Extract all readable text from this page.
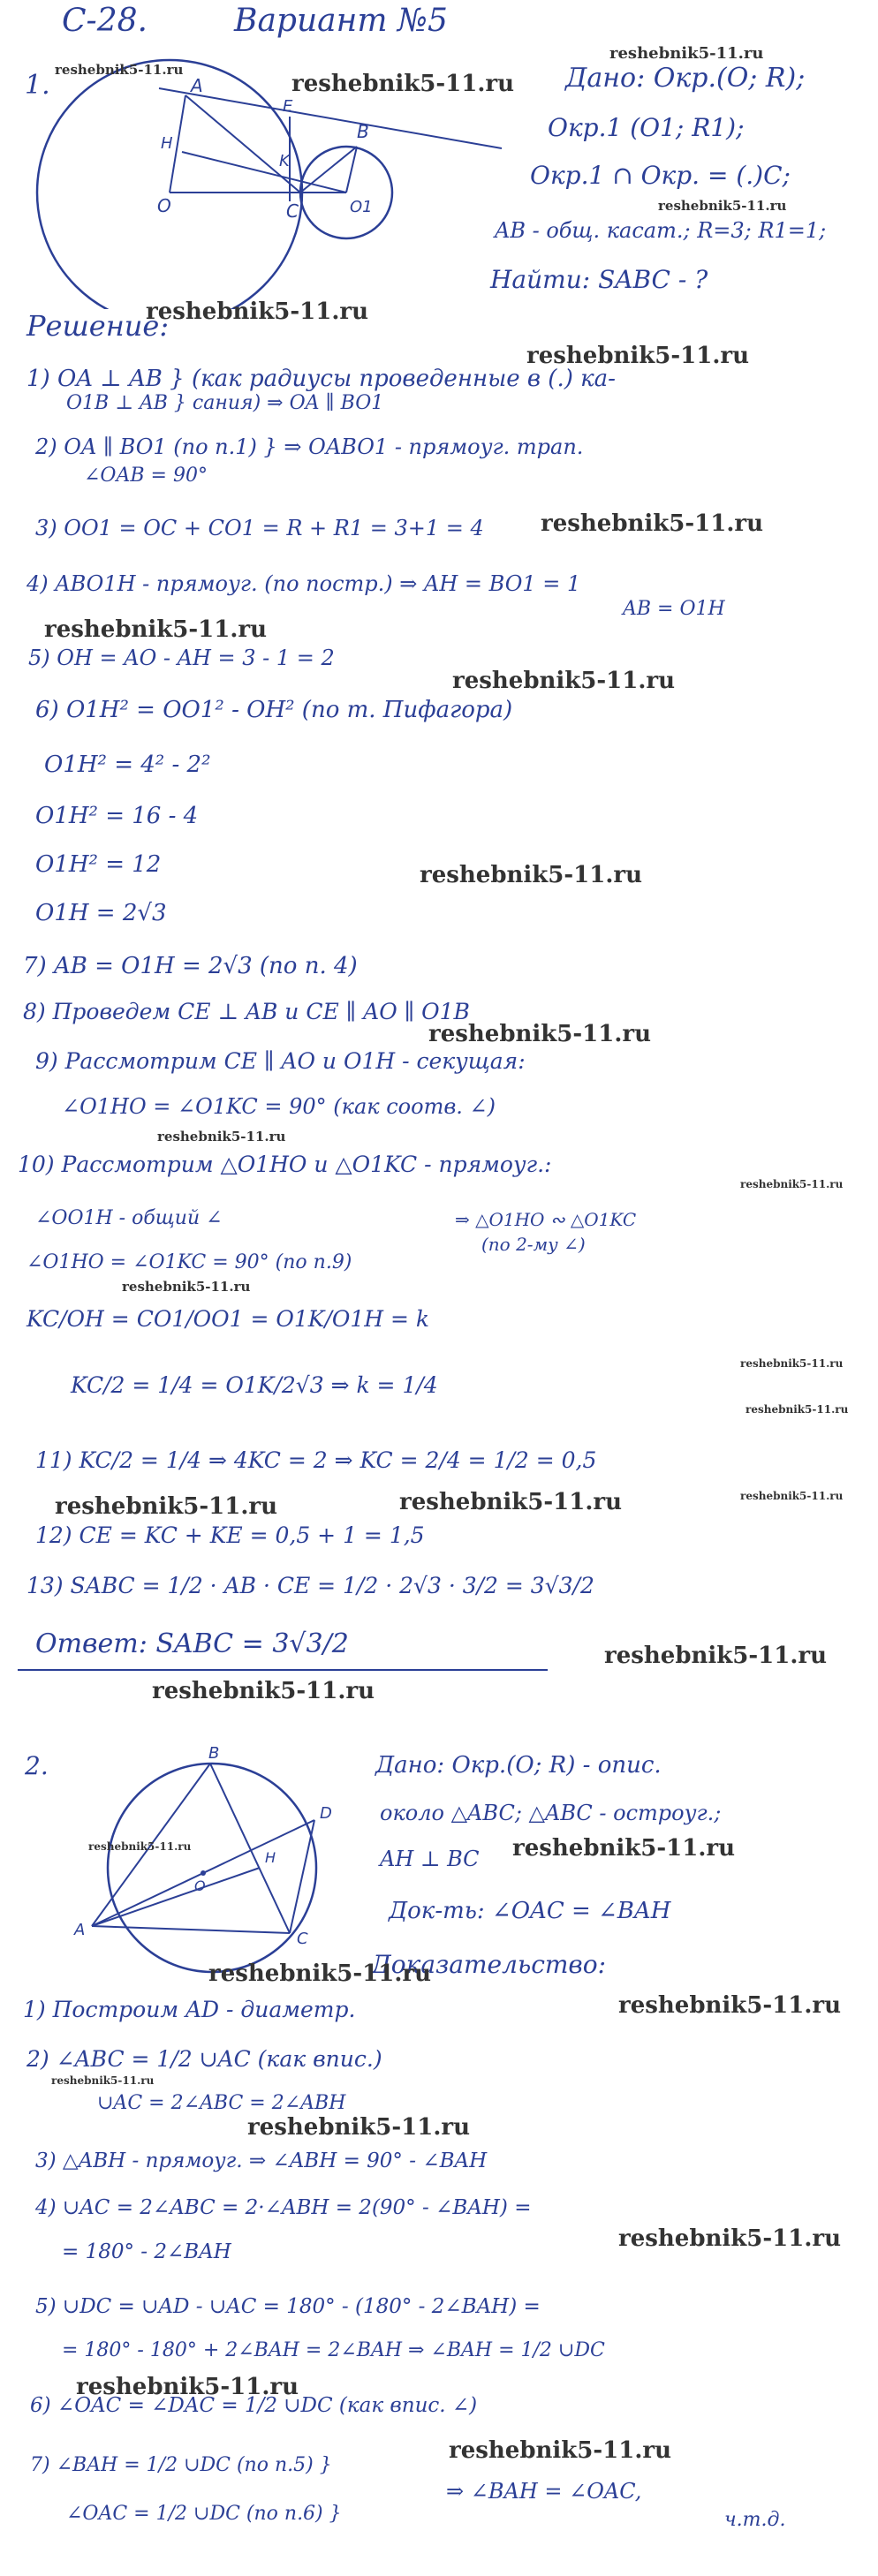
С-28.	Вариант №5
1.	A
B
E
H
K
O	C	O1
Дано: Окр.(O; R);
Окр.1 (O1; R1);
Окр.1 ∩ Окр. = (.)C;
AB - общ. касат.; R=3; R1=1;
Найти: SABC - ?
Решение:
1) OA ⊥ AB } (как радиусы проведенные в (.) ка-
O1B ⊥ AB } сания) ⇒ OA ∥ BO1
2) OA ∥ BO1 (по п.1) } ⇒ OABO1 - прямоуг. трап.
∠OAB = 90°
3) OO1 = OC + CO1 = R + R1 = 3+1 = 4
4) ABO1H - прямоуг. (по постр.) ⇒ AH = BO1 = 1
AB = O1H
5) OH = AO - AH = 3 - 1 = 2
6) O1H² = OO1² - OH² (по т. Пифагора)
O1H² = 4² - 2²
O1H² = 16 - 4
O1H² = 12
O1H = 2√3
7) AB = O1H = 2√3 (по п. 4)
8) Проведем CE ⊥ AB и CE ∥ AO ∥ O1B
9) Рассмотрим CE ∥ AO и O1H - секущая:
∠O1HO = ∠O1KC = 90° (как соотв. ∠)
10) Рассмотрим △O1HO и △O1KC - прямоуг.:
∠OO1H - общий ∠
∠O1HO = ∠O1KC = 90° (по п.9)
⇒ △O1HO ∾ △O1KC
(по 2-му ∠)
KC/OH = CO1/OO1 = O1K/O1H = k
KC/2 = 1/4 = O1K/2√3 ⇒ k = 1/4
11) KC/2 = 1/4 ⇒ 4KC = 2 ⇒ KC = 2/4 = 1/2 = 0,5
12) CE = KC + KE = 0,5 + 1 = 1,5
13) SABC = 1/2 · AB · CE = 1/2 · 2√3 · 3/2 = 3√3/2
Ответ: SABC = 3√3/2
2.	B
D
H
O
A	C
Дано: Окр.(O; R) - опис.
около △ABC; △ABC - остроуг.;
AH ⊥ BC
Док-ть: ∠OAC = ∠BAH
Доказательство:
1) Построим AD - диаметр.
2) ∠ABC = 1/2 ∪AC (как впис.)
∪AC = 2∠ABC = 2∠ABH
3) △ABH - прямоуг. ⇒ ∠ABH = 90° - ∠BAH
4) ∪AC = 2∠ABC = 2·∠ABH = 2(90° - ∠BAH) =
= 180° - 2∠BAH
5) ∪DC = ∪AD - ∪AC = 180° - (180° - 2∠BAH) =
= 180° - 180° + 2∠BAH = 2∠BAH ⇒ ∠BAH = 1/2 ∪DC
6) ∠OAC = ∠DAC = 1/2 ∪DC (как впис. ∠)
7) ∠BAH = 1/2 ∪DC (по п.5) }
∠OAC = 1/2 ∪DC (по п.6) }
⇒ ∠BAH = ∠OAC,
ч.т.д.
reshebnik5-11.ru
reshebnik5-11.ru
reshebnik5-11.ru
reshebnik5-11.ru
reshebnik5-11.ru
reshebnik5-11.ru
reshebnik5-11.ru
reshebnik5-11.ru
reshebnik5-11.ru
reshebnik5-11.ru
reshebnik5-11.ru
reshebnik5-11.ru
reshebnik5-11.ru
reshebnik5-11.ru
reshebnik5-11.ru
reshebnik5-11.ru
reshebnik5-11.ru
reshebnik5-11.ru	reshebnik5-11.ru
reshebnik5-11.ru
reshebnik5-11.ru
reshebnik5-11.ru	reshebnik5-11.ru
reshebnik5-11.ru
reshebnik5-11.ru
reshebnik5-11.ru
reshebnik5-11.ru
reshebnik5-11.ru
reshebnik5-11.ru
reshebnik5-11.ru
